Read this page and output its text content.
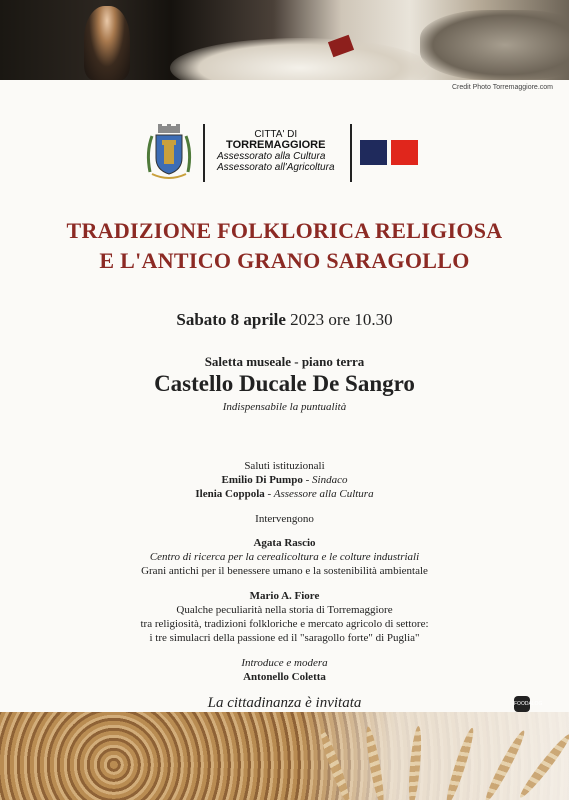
Credit Photo Torremaggiore.com
CITTA' DI
TORREMAGGIORE
Assessorato alla Cultura
Assessorato all'Agricoltura
TRADIZIONE FOLKLORICA RELIGIOSA
E L'ANTICO GRANO SARAGOLLO
Sabato 8 aprile 2023 ore 10.30
Saletta museale - piano terra
Castello Ducale De Sangro
Indispensabile la puntualità
Saluti istituzionali
Emilio Di Pumpo - Sindaco
Ilenia Coppola - Assessore alla Cultura
Intervengono
Agata Rascio
Centro di ricerca per la cerealicoltura e le colture industriali
Grani antichi per il benessere umano e la sostenibilità ambientale
Mario A. Fiore
Qualche peculiarità nella storia di Torremaggiore
tra religiosità, tradizioni folkloriche e mercato agricolo di settore:
i tre simulacri della passione ed il "saragollo forte" di Puglia"
Introduce e modera
Antonello Coletta
La cittadinanza è invitata	FOODALOG
